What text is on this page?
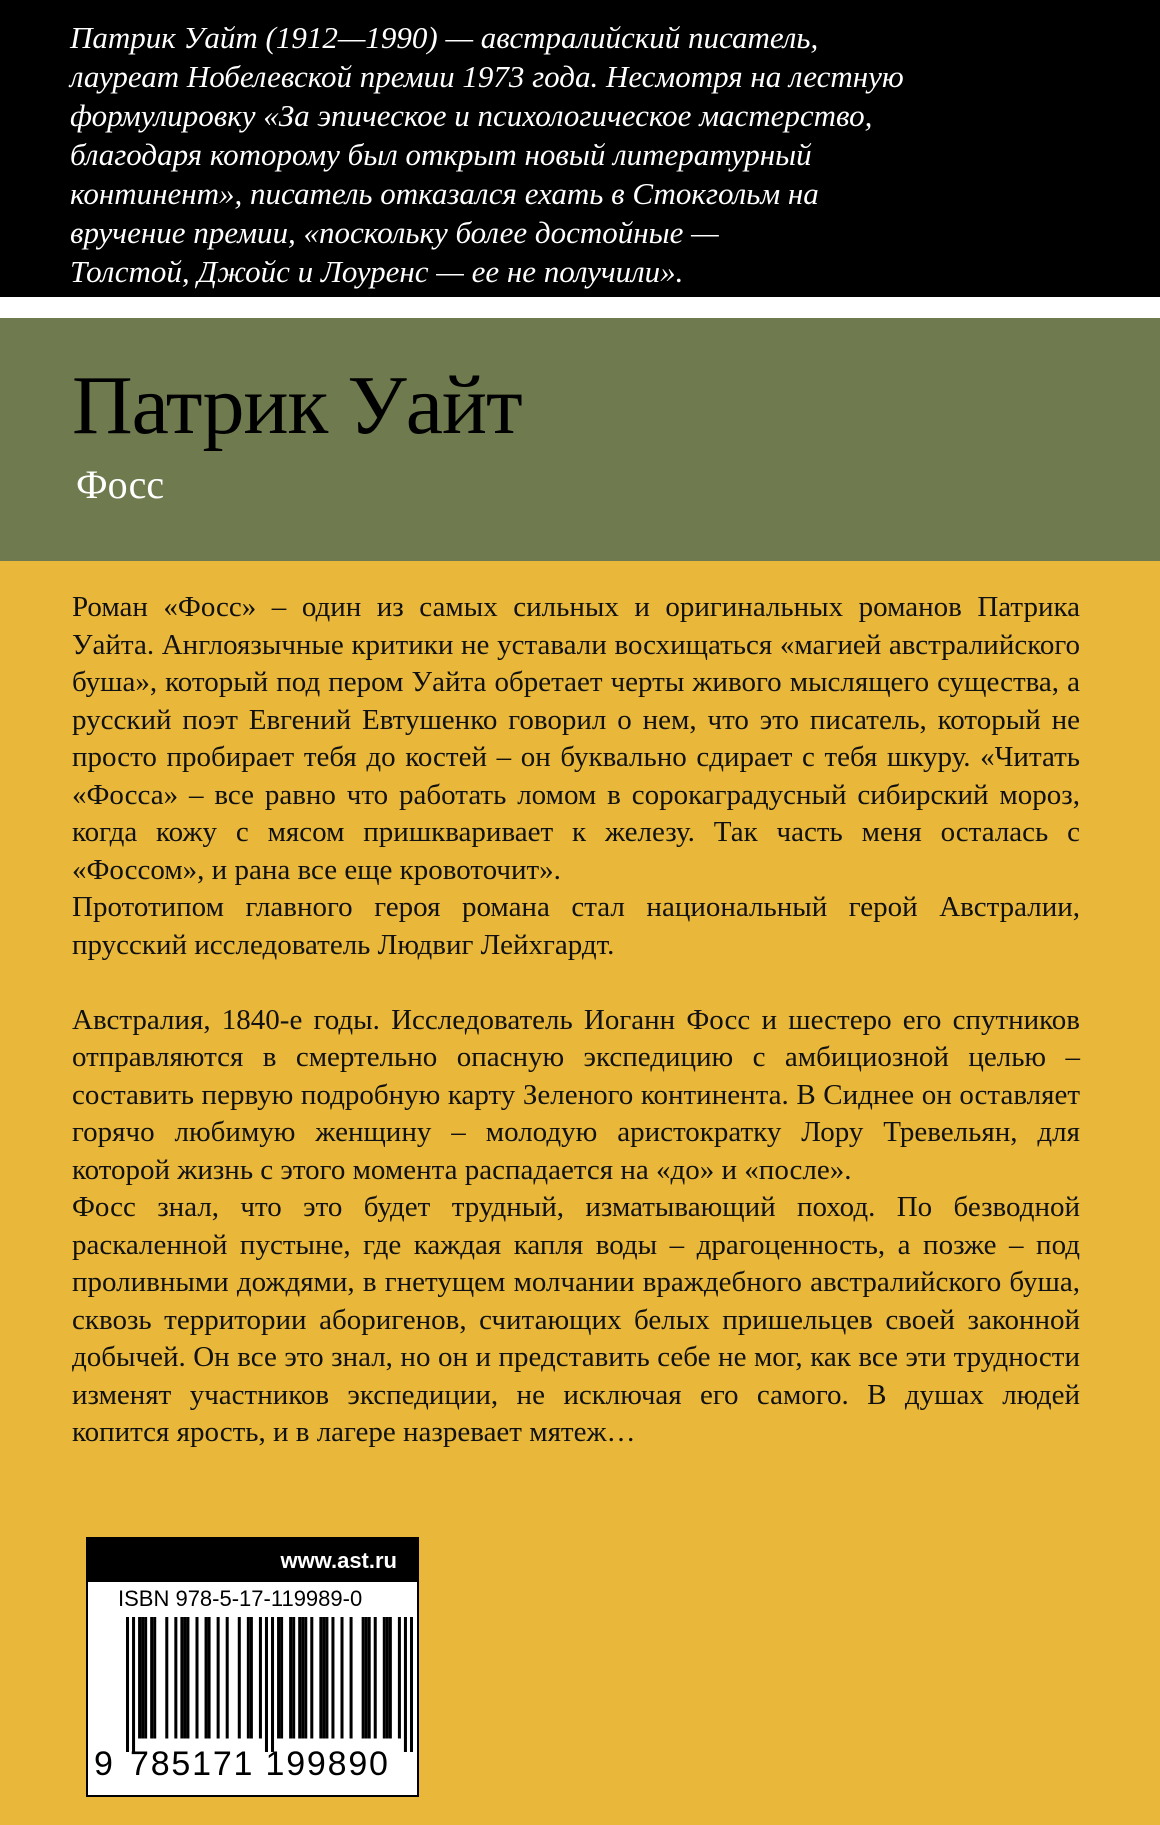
Патрик Уайт (1912—1990) — австралийский писатель,

лауреат Нобелевской премии 1973 года. Несмотря на лестную

формулировку «За эпическое и психологическое мастерство,

благодаря которому был открыт новый литературный

континент», писатель отказался ехать в Стокгольм на

вручение премии, «поскольку более достойные —

Толстой, Джойс и Лоуренс — ее не получили».

Патрик Уайт
Фосс

Роман «Фосс» – один из самых сильных и оригинальных романов Патрика Уайта. Англоязычные критики не уставали восхищаться «магией австралийского буша», который под пером Уайта обретает черты живого мыслящего существа, а русский поэт Евгений Евтушенко говорил о нем, что это писатель, который не просто пробирает тебя до костей – он буквально сдирает с тебя шкуру. «Читать «Фосса» – все равно что работать ломом в сорокаградусный сибирский мороз, когда кожу с мясом пришкваривает к железу. Так часть меня осталась с «Фоссом», и рана все еще кровоточит».

Прототипом главного героя романа стал национальный герой Австралии, прусский исследователь Людвиг Лейхгардт.

Австралия, 1840-е годы. Исследователь Иоганн Фосс и шестеро его спутников отправляются в смертельно опасную экспедицию с амбициозной целью – составить первую подробную карту Зеленого континента. В Сиднее он оставляет горячо любимую женщину – молодую аристократку Лору Тревельян, для которой жизнь с этого момента распадается на «до» и «после».

Фосс знал, что это будет трудный, изматывающий поход. По безводной раскаленной пустыне, где каждая капля воды – драгоценность, а позже – под проливными дождями, в гнетущем молчании враждебного австралийского буша, сквозь территории аборигенов, считающих белых пришельцев своей законной добычей. Он все это знал, но он и представить себе не мог, как все эти трудности изменят участников экспедиции, не исключая его самого. В душах людей копится ярость, и в лагере назревает мятеж…

www.ast.ru
ISBN 978-5-17-119989-0
9 785171 199890
